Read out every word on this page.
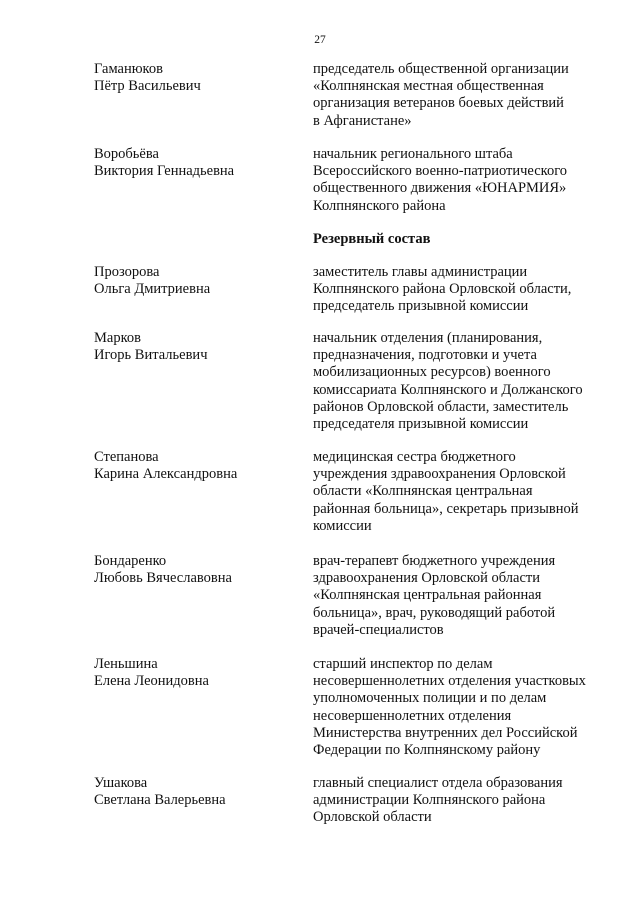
27
Гаманюков
Пётр Васильевич
председатель общественной организации
«Колпнянская местная общественная
организация ветеранов боевых действий
в Афганистане»
Воробьёва
Виктория Геннадьевна
начальник регионального штаба
Всероссийского военно-патриотического
общественного движения «ЮНАРМИЯ»
Колпнянского района
Резервный состав
Прозорова
Ольга Дмитриевна
заместитель главы администрации
Колпнянского района Орловской области,
председатель призывной комиссии
Марков
Игорь Витальевич
начальник отделения (планирования,
предназначения, подготовки и учета
мобилизационных ресурсов) военного
комиссариата Колпнянского и Должанского
районов Орловской области, заместитель
председателя призывной комиссии
Степанова
Карина Александровна
медицинская сестра бюджетного
учреждения здравоохранения Орловской
области «Колпнянская центральная
районная больница», секретарь призывной
комиссии
Бондаренко
Любовь Вячеславовна
врач-терапевт бюджетного учреждения
здравоохранения Орловской области
«Колпнянская центральная районная
больница», врач, руководящий работой
врачей-специалистов
Леньшина
Елена Леонидовна
старший инспектор по делам
несовершеннолетних отделения участковых
уполномоченных полиции и по делам
несовершеннолетних отделения
Министерства внутренних дел Российской
Федерации по Колпнянскому району
Ушакова
Светлана Валерьевна
главный специалист отдела образования
администрации Колпнянского района
Орловской области
